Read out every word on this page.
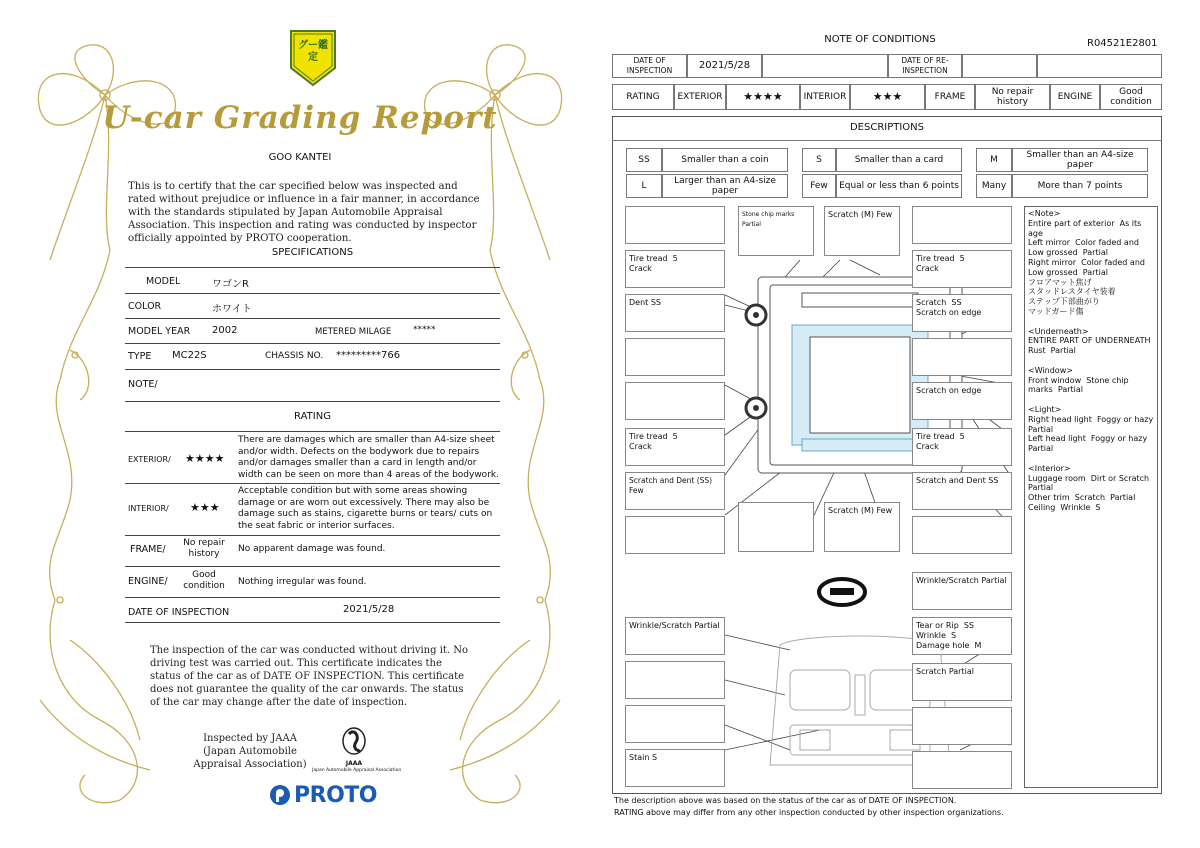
グー鑑定
U-car Grading Report
GOO KANTEI
This is to certify that the car specified below was inspected and rated without prejudice or influence in a fair manner, in accordance with the standards stipulated by Japan Automobile Appraisal Association. This inspection and rating was conducted by inspector officially appointed by PROTO cooperation.
SPECIFICATIONS
MODEL	ワゴンR
COLOR	ホワイト
MODEL YEAR 2002	METERED MILAGE *****
TYPE MC22S	CHASSIS NO. *********766
NOTE/
RATING
EXTERIOR/ ★★★★
There are damages which are smaller than A4-size sheet and/or width. Defects on the bodywork due to repairs and/or damages smaller than a card in length and/or width can be seen on more than 4 areas of the bodywork.
INTERIOR/ ★★★
Acceptable condition but with some areas showing damage or are worn out excessively. There may also be damage such as stains, cigarette burns or tears/ cuts on the seat fabric or interior surfaces.
FRAME/
No repair history	No apparent damage was found.
ENGINE/
Good condition	Nothing irregular was found.
DATE OF INSPECTION	2021/5/28
The inspection of the car was conducted without driving it. No driving test was carried out. This certificate indicates the status of the car as of DATE OF INSPECTION. This certificate does not guarantee the quality of the car onwards. The status of the car may change after the date of inspection.
Inspected by JAAA (Japan Automobile Appraisal Association)	JAAA
Japan Automobile Appraisal Association
PROTO
NOTE OF CONDITIONS	R04521E2801
DATE OF INSPECTION	2021/5/28	DATE OF RE-INSPECTION
RATING	EXTERIOR	★★★★	INTERIOR	★★★	FRAME	No repair history	ENGINE	Good condition
DESCRIPTIONS
SS	Smaller than a coin	S	Smaller than a card	M	Smaller than an A4-size paper
L	Larger than an A4-size paper	Few	Equal or less than 6 points	Many	More than 7 points
Tire tread  5
Crack
Dent SS
Tire tread  5
Crack
Scratch and Dent (SS) Few
Stone chip marks Partial
Scratch (M) Few
Tire tread  5
Crack
Scratch  SS
Scratch on edge
Scratch on edge
Tire tread  5
Crack
Scratch and Dent SS
Scratch (M) Few
Wrinkle/Scratch Partial
Wrinkle/Scratch Partial	Tear or Rip  SS
Wrinkle  S
Damage hole  M
Scratch Partial
Stain S
<Note>
Entire part of exterior  As its age
Left mirror  Color faded and Low grossed  Partial
Right mirror  Color faded and Low grossed  Partial
フロアマット焦げ
スタッドレスタイヤ装着
ステップ下部曲がり
マッドガード傷

<Underneath>
ENTIRE PART OF UNDERNEATH  Rust  Partial

<Window>
Front window  Stone chip marks  Partial

<Light>
Right head light  Foggy or hazy  Partial
Left head light  Foggy or hazy  Partial

<Interior>
Luggage room  Dirt or Scratch  Partial
Other trim  Scratch  Partial
Ceiling  Wrinkle  S
The description above was based on the status of the car as of DATE OF INSPECTION.
RATING above may differ from any other inspection conducted by other inspection organizations.
